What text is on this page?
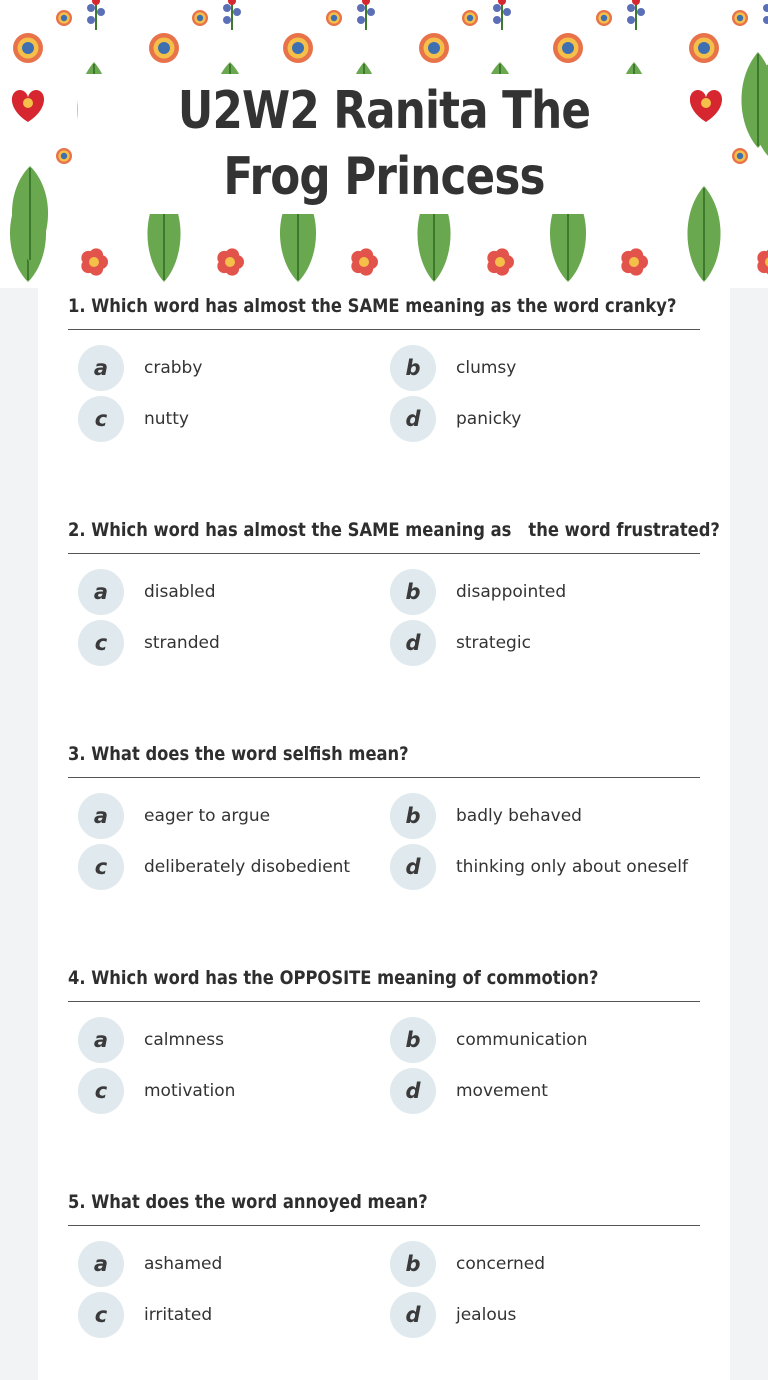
U2W2 Ranita The Frog Princess
1. Which word has almost the SAME meaning as the word cranky?
a	crabby	b	clumsy
c	nutty	d	panicky
2. Which word has almost the SAME meaning as   the word frustrated?
a	disabled	b	disappointed
c	stranded	d	strategic
3. What does the word selfish mean?
a	eager to argue	b	badly behaved
c	deliberately disobedient	d	thinking only about oneself
4. Which word has the OPPOSITE meaning of commotion?
a	calmness	b	communication
c	motivation	d	movement
5. What does the word annoyed mean?
a	ashamed	b	concerned
c	irritated	d	jealous
